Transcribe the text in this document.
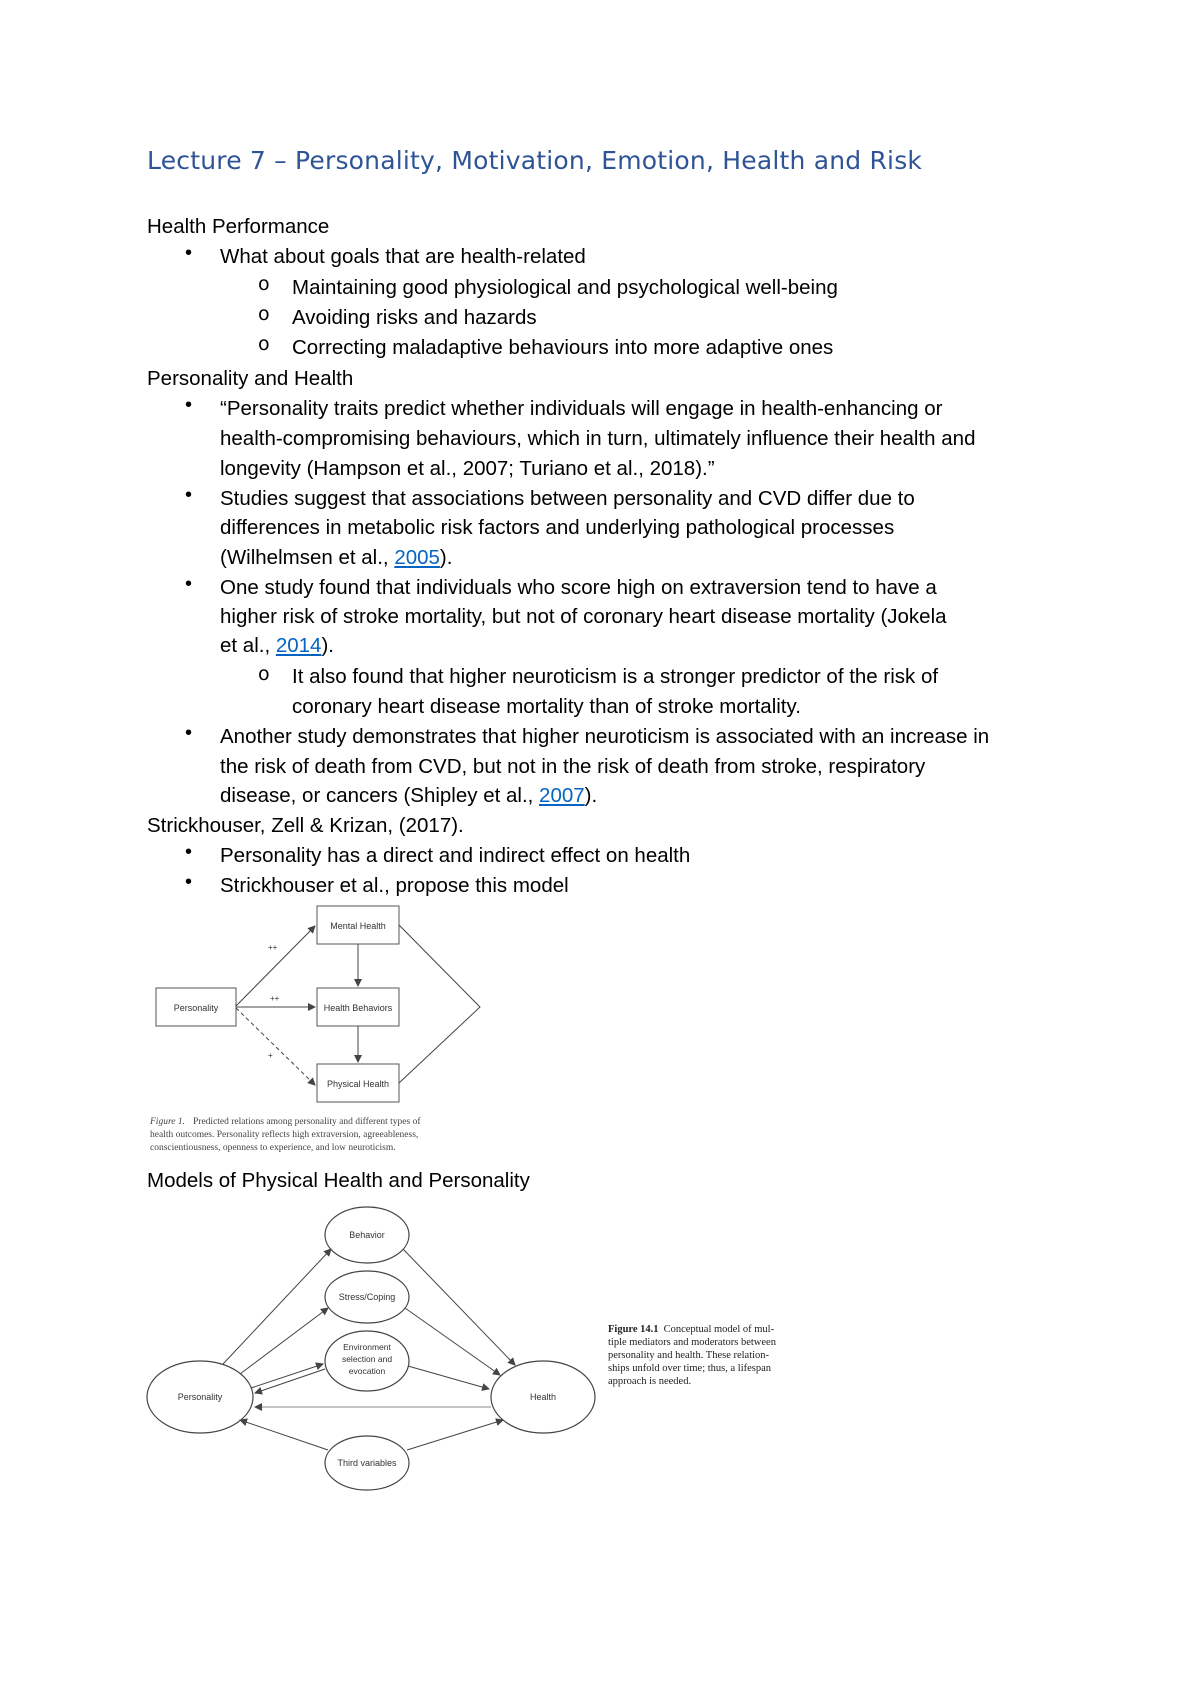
Lecture 7 – Personality, Motivation, Emotion, Health and Risk
Health Performance
• What about goals that are health-related
o Maintaining good physiological and psychological well-being
o Avoiding risks and hazards
o Correcting maladaptive behaviours into more adaptive ones
Personality and Health
• “Personality traits predict whether individuals will engage in health-enhancing or
health-compromising behaviours, which in turn, ultimately influence their health and
longevity (Hampson et al., 2007; Turiano et al., 2018).”
• Studies suggest that associations between personality and CVD differ due to
differences in metabolic risk factors and underlying pathological processes
(Wilhelmsen et al., 2005).
• One study found that individuals who score high on extraversion tend to have a
higher risk of stroke mortality, but not of coronary heart disease mortality (Jokela
et al., 2014).
o It also found that higher neuroticism is a stronger predictor of the risk of
coronary heart disease mortality than of stroke mortality.
• Another study demonstrates that higher neuroticism is associated with an increase in
the risk of death from CVD, but not in the risk of death from stroke, respiratory
disease, or cancers (Shipley et al., 2007).
Strickhouser, Zell & Krizan, (2017).
• Personality has a direct and indirect effect on health
• Strickhouser et al., propose this model
Personality
Mental Health
Health Behaviors
Physical Health
++
++
+
Figure 1. Predicted relations among personality and different types of
health outcomes. Personality reflects high extraversion, agreeableness,
conscientiousness, openness to experience, and low neuroticism.
Models of Physical Health and Personality
Personality	Health
Behavior
Stress/Coping
Environment
selection and
evocation
Third variables
Figure 14.1 Conceptual model of mul-
tiple mediators and moderators between
personality and health. These relation-
ships unfold over time; thus, a lifespan
approach is needed.
